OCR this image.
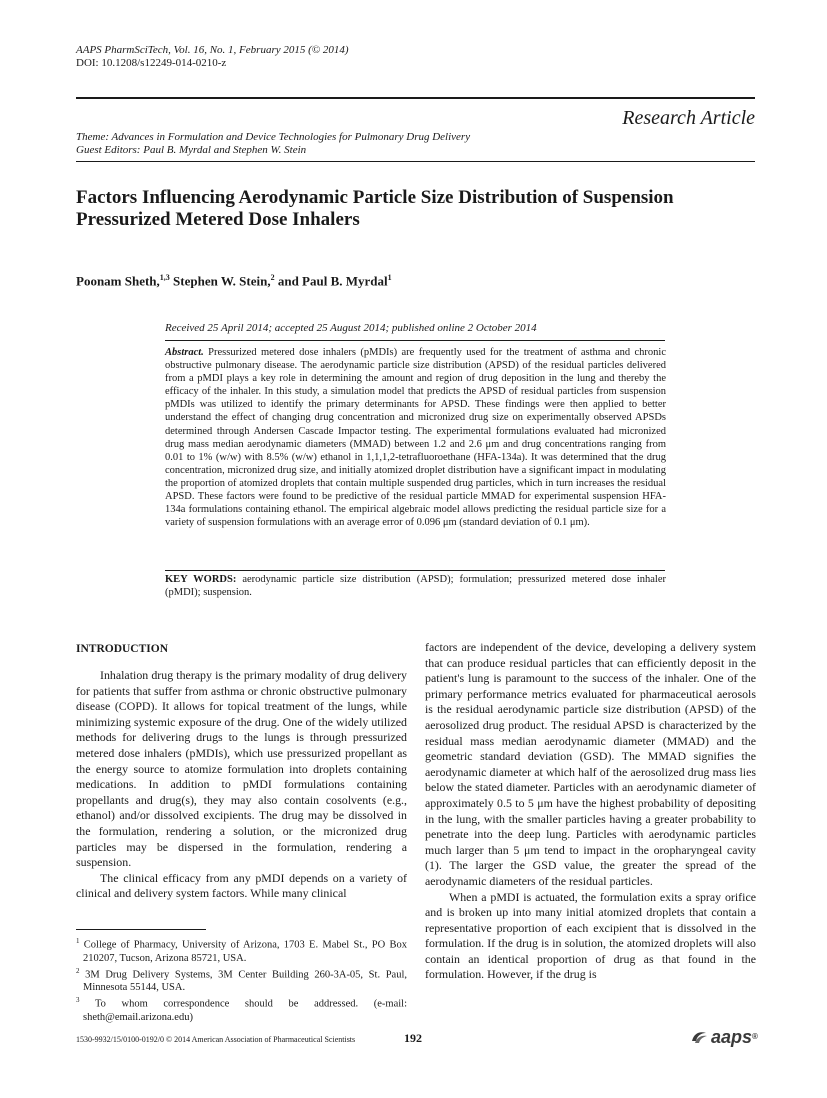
AAPS PharmSciTech, Vol. 16, No. 1, February 2015 (© 2014)
DOI: 10.1208/s12249-014-0210-z
Research Article
Theme: Advances in Formulation and Device Technologies for Pulmonary Drug Delivery
Guest Editors: Paul B. Myrdal and Stephen W. Stein
Factors Influencing Aerodynamic Particle Size Distribution of Suspension Pressurized Metered Dose Inhalers
Poonam Sheth,$^{1,3}$ Stephen W. Stein,$^2$ and Paul B. Myrdal$^1$
Received 25 April 2014; accepted 25 August 2014; published online 2 October 2014
Abstract. Pressurized metered dose inhalers (pMDIs) are frequently used for the treatment of asthma and chronic obstructive pulmonary disease. The aerodynamic particle size distribution (APSD) of the residual particles delivered from a pMDI plays a key role in determining the amount and region of drug deposition in the lung and thereby the efficacy of the inhaler. In this study, a simulation model that predicts the APSD of residual particles from suspension pMDIs was utilized to identify the primary determinants for APSD. These findings were then applied to better understand the effect of changing drug concentration and micronized drug size on experimentally observed APSDs determined through Andersen Cascade Impactor testing. The experimental formulations evaluated had micronized drug mass median aerodynamic diameters (MMAD) between 1.2 and 2.6 μm and drug concentrations ranging from 0.01 to 1% (w/w) with 8.5% (w/w) ethanol in 1,1,1,2-tetrafluoroethane (HFA-134a). It was determined that the drug concentration, micronized drug size, and initially atomized droplet distribution have a significant impact in modulating the proportion of atomized droplets that contain multiple suspended drug particles, which in turn increases the residual APSD. These factors were found to be predictive of the residual particle MMAD for experimental suspension HFA-134a formulations containing ethanol. The empirical algebraic model allows predicting the residual particle size for a variety of suspension formulations with an average error of 0.096 μm (standard deviation of 0.1 μm).
KEY WORDS: aerodynamic particle size distribution (APSD); formulation; pressurized metered dose inhaler (pMDI); suspension.
INTRODUCTION

Inhalation drug therapy is the primary modality of drug delivery for patients that suffer from asthma or chronic obstructive pulmonary disease (COPD). It allows for topical treatment of the lungs, while minimizing systemic exposure of the drug. One of the widely utilized methods for delivering drugs to the lungs is through pressurized metered dose inhalers (pMDIs), which use pressurized propellant as the energy source to atomize formulation into droplets containing medications. In addition to pMDI formulations containing propellants and drug(s), they may also contain cosolvents (e.g., ethanol) and/or dissolved excipients. The drug may be dissolved in the formulation, rendering a solution, or the micronized drug particles may be dispersed in the formulation, rendering a suspension.

The clinical efficacy from any pMDI depends on a variety of clinical and delivery system factors. While many clinical

factors are independent of the device, developing a delivery system that can produce residual particles that can efficiently deposit in the patient's lung is paramount to the success of the inhaler. One of the primary performance metrics evaluated for pharmaceutical aerosols is the residual aerodynamic particle size distribution (APSD) of the aerosolized drug product. The residual APSD is characterized by the residual mass median aerodynamic diameter (MMAD) and the geometric standard deviation (GSD). The MMAD signifies the aerodynamic diameter at which half of the aerosolized drug mass lies below the stated diameter. Particles with an aerodynamic diameter of approximately 0.5 to 5 μm have the highest probability of depositing in the lung, with the smaller particles having a greater probability to penetrate into the deep lung. Particles with aerodynamic particles much larger than 5 μm tend to impact in the oropharyngeal cavity (1). The larger the GSD value, the greater the spread of the aerodynamic diameters of the residual particles.

When a pMDI is actuated, the formulation exits a spray orifice and is broken up into many initial atomized droplets that contain a representative proportion of each excipient that is dissolved in the formulation. If the drug is in solution, the atomized droplets will also contain an identical proportion of drug as that found in the formulation. However, if the drug is

$^1$ College of Pharmacy, University of Arizona, 1703 E. Mabel St., PO Box 210207, Tucson, Arizona 85721, USA.
$^2$ 3M Drug Delivery Systems, 3M Center Building 260-3A-05, St. Paul, Minnesota 55144, USA.
$^3$ To whom correspondence should be addressed. (e-mail: sheth@email.arizona.edu)
1530-9932/15/0100-0192/0 © 2014 American Association of Pharmaceutical Scientists	192	aaps ®
